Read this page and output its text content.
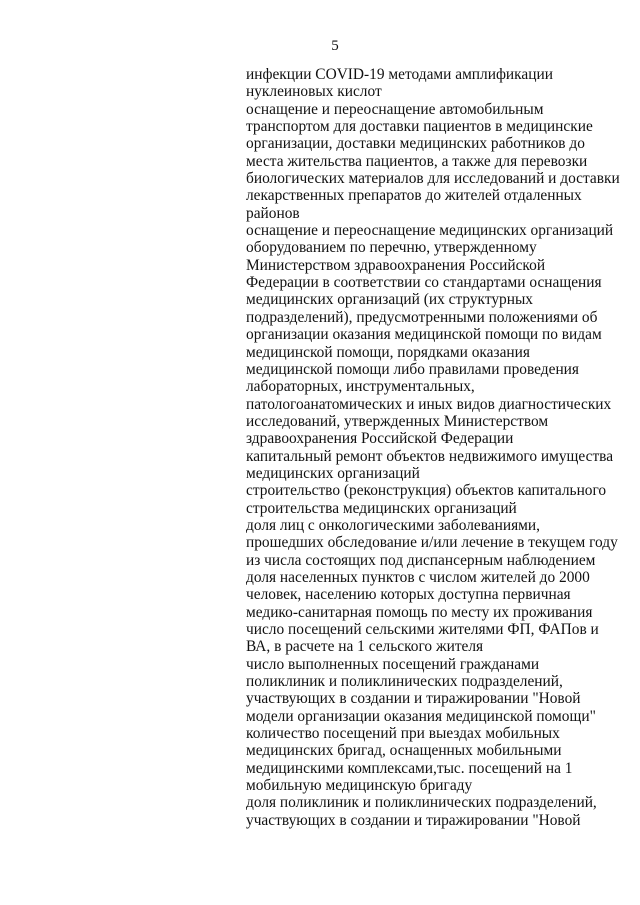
5
инфекции COVID-19 методами амплификации
нуклеиновых кислот
оснащение и переоснащение автомобильным
транспортом для доставки пациентов в медицинские
организации, доставки медицинских работников до
места жительства пациентов, а также для перевозки
биологических материалов для исследований и доставки
лекарственных препаратов до жителей отдаленных
районов
оснащение и переоснащение медицинских организаций
оборудованием по перечню, утвержденному
Министерством здравоохранения Российской
Федерации в соответствии со стандартами оснащения
медицинских организаций (их структурных
подразделений), предусмотренными положениями об
организации оказания медицинской помощи по видам
медицинской помощи, порядками оказания
медицинской помощи либо правилами проведения
лабораторных, инструментальных,
патологоанатомических и иных видов диагностических
исследований, утвержденных Министерством
здравоохранения Российской Федерации
капитальный ремонт объектов недвижимого имущества
медицинских организаций
строительство (реконструкция) объектов капитального
строительства медицинских организаций
доля лиц с онкологическими заболеваниями,
прошедших обследование и/или лечение в текущем году
из числа состоящих под диспансерным наблюдением
доля населенных пунктов с числом жителей до 2000
человек, населению которых доступна первичная
медико-санитарная помощь по месту их проживания
число посещений сельскими жителями ФП, ФАПов и
ВА, в расчете на 1 сельского жителя
число выполненных посещений гражданами
поликлиник и поликлинических подразделений,
участвующих в создании и тиражировании "Новой
модели организации оказания медицинской помощи"
количество посещений при выездах мобильных
медицинских бригад, оснащенных мобильными
медицинскими комплексами,тыс. посещений на 1
мобильную медицинскую бригаду
доля поликлиник и поликлинических подразделений,
участвующих в создании и тиражировании "Новой
